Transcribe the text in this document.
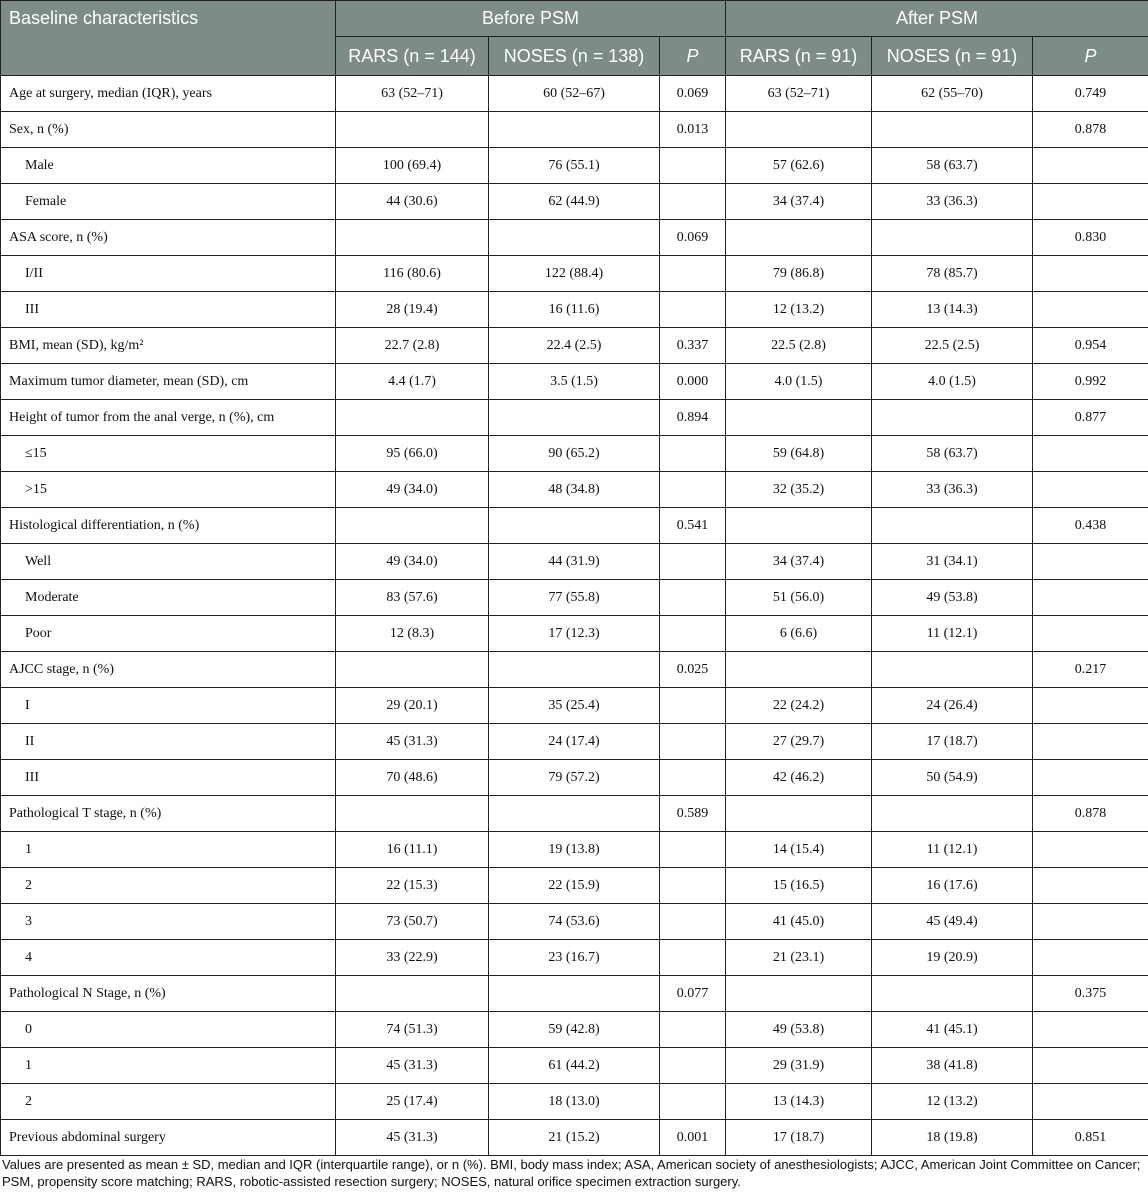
Baseline characteristics	Before PSM			After PSM		
	RARS (n = 144)	NOSES (n = 138)	P	RARS (n = 91)	NOSES (n = 91)	P
Age at surgery, median (IQR), years	63 (52–71)	60 (52–67)	0.069	63 (52–71)	62 (55–70)	0.749
Sex, n (%)			0.013			0.878
Male	100 (69.4)	76 (55.1)		57 (62.6)	58 (63.7)	
Female	44 (30.6)	62 (44.9)		34 (37.4)	33 (36.3)	
ASA score, n (%)			0.069			0.830
I/II	116 (80.6)	122 (88.4)		79 (86.8)	78 (85.7)	
III	28 (19.4)	16 (11.6)		12 (13.2)	13 (14.3)	
BMI, mean (SD), kg/m²	22.7 (2.8)	22.4 (2.5)	0.337	22.5 (2.8)	22.5 (2.5)	0.954
Maximum tumor diameter, mean (SD), cm	4.4 (1.7)	3.5 (1.5)	0.000	4.0 (1.5)	4.0 (1.5)	0.992
Height of tumor from the anal verge, n (%), cm			0.894			0.877
≤15	95 (66.0)	90 (65.2)		59 (64.8)	58 (63.7)	
>15	49 (34.0)	48 (34.8)		32 (35.2)	33 (36.3)	
Histological differentiation, n (%)			0.541			0.438
Well	49 (34.0)	44 (31.9)		34 (37.4)	31 (34.1)	
Moderate	83 (57.6)	77 (55.8)		51 (56.0)	49 (53.8)	
Poor	12 (8.3)	17 (12.3)		6 (6.6)	11 (12.1)	
AJCC stage, n (%)			0.025			0.217
I	29 (20.1)	35 (25.4)		22 (24.2)	24 (26.4)	
II	45 (31.3)	24 (17.4)		27 (29.7)	17 (18.7)	
III	70 (48.6)	79 (57.2)		42 (46.2)	50 (54.9)	
Pathological T stage, n (%)			0.589			0.878
1	16 (11.1)	19 (13.8)		14 (15.4)	11 (12.1)	
2	22 (15.3)	22 (15.9)		15 (16.5)	16 (17.6)	
3	73 (50.7)	74 (53.6)		41 (45.0)	45 (49.4)	
4	33 (22.9)	23 (16.7)		21 (23.1)	19 (20.9)	
Pathological N Stage, n (%)			0.077			0.375
0	74 (51.3)	59 (42.8)		49 (53.8)	41 (45.1)	
1	45 (31.3)	61 (44.2)		29 (31.9)	38 (41.8)	
2	25 (17.4)	18 (13.0)		13 (14.3)	12 (13.2)	
Previous abdominal surgery	45 (31.3)	21 (15.2)	0.001	17 (18.7)	18 (19.8)	0.851
Values are presented as mean ± SD, median and IQR (interquartile range), or n (%). BMI, body mass index; ASA, American society of anesthesiologists; AJCC, American Joint Committee on Cancer; PSM, propensity score matching; RARS, robotic-assisted resection surgery; NOSES, natural orifice specimen extraction surgery.
